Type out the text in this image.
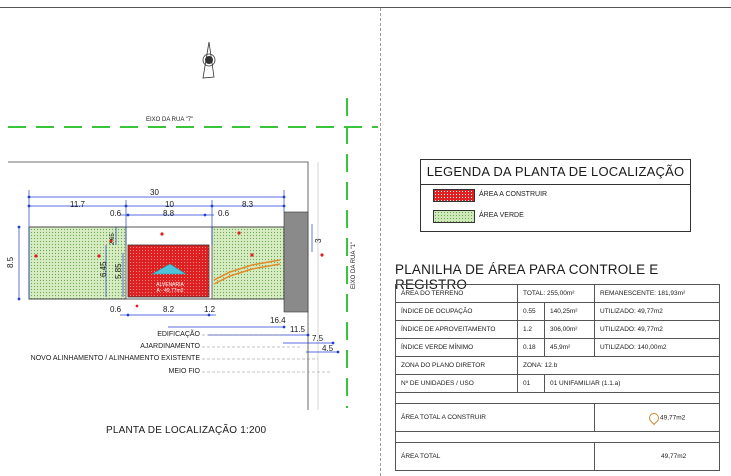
EIXO DA RUA "7"
EIXO DA RUA "1"
30
11.7	10	8.3
0.6	8.8	0.6
8.5
2.65
6.45 5.85
3
0.6	8.2	1.2
16.4
11.5
7.5
4.5
ALVENARIA
A - 49,77m2
EDIFICAÇÃO
AJARDINAMENTO
NOVO ALINHAMENTO / ALINHAMENTO EXISTENTE
MEIO FIO
PLANTA DE LOCALIZAÇÃO 1:200
LEGENDA DA PLANTA DE LOCALIZAÇÃO
ÁREA A CONSTRUIR
ÁREA VERDE
PLANILHA DE ÁREA PARA CONTROLE E REGISTRO
ÁREA DO TERRENO	TOTAL: 255,00m²		REMANESCENTE: 181,93m²
ÍNDICE DE OCUPAÇÃO	0.55	140,25m²	UTILIZADO: 49,77m2
ÍNDICE DE APROVEITAMENTO	1.2	306,00m²	UTILIZADO: 49,77m2
ÍNDICE VERDE MÍNIMO	0.18	45,9m²	UTILIZADO: 140,00m2
ZONA DO PLANO DIRETOR	ZONA: 12.b		
Nº DE UNIDADES / USO	01	01 UNIFAMILIAR (1.1.a)	

ÁREA TOTAL A CONSTRUIR			49,77m2

ÁREA TOTAL			49,77m2
